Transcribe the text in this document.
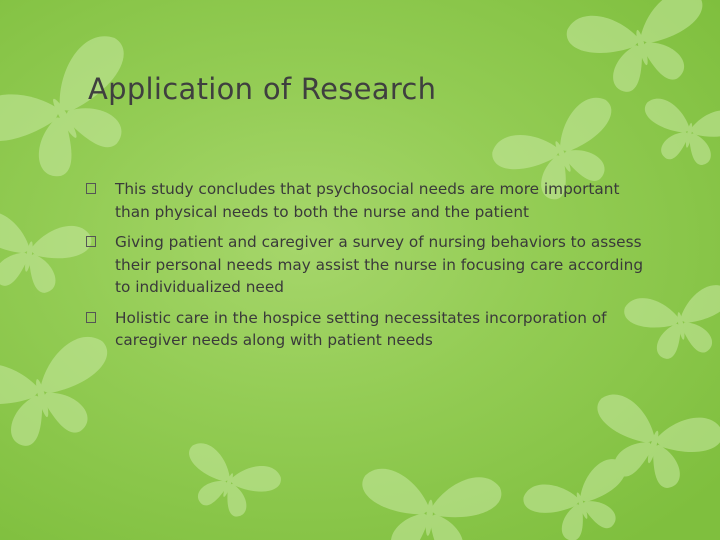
Application of Research
This study concludes that psychosocial needs are more important than physical needs to both the nurse and the patient
Giving patient and caregiver a survey of nursing behaviors to assess their personal needs may assist the nurse in focusing care according to individualized need
Holistic care in the hospice setting necessitates incorporation of caregiver needs along with patient needs
